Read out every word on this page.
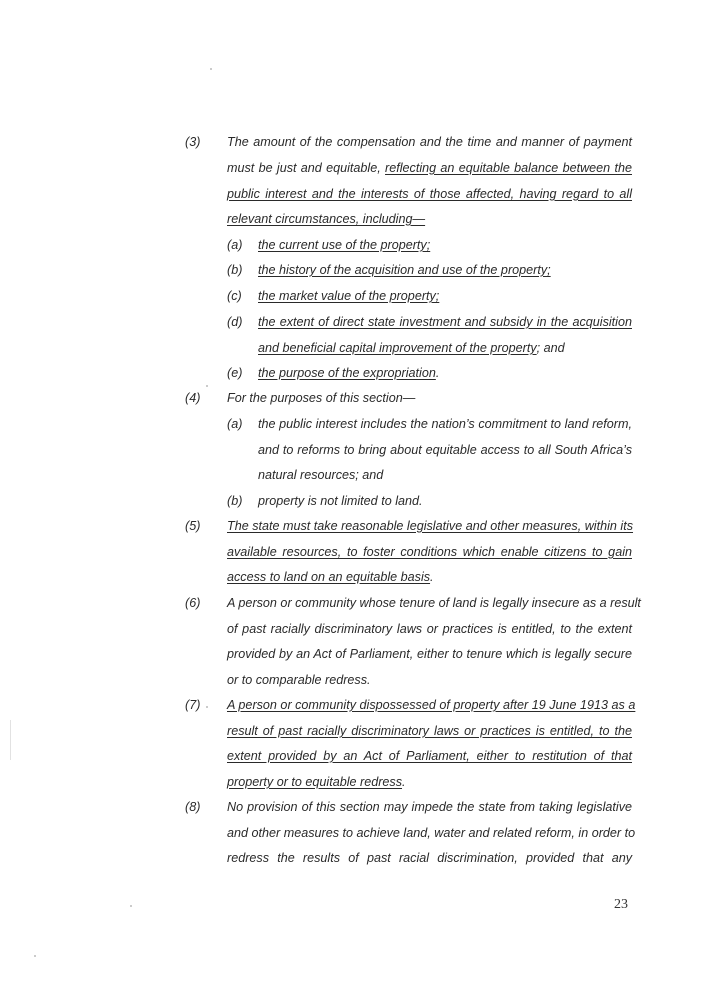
(3) The amount of the compensation and the time and manner of payment

must be just and equitable, reflecting an equitable balance between the

public interest and the interests of those affected, having regard to all

relevant circumstances, including—

(a) the current use of the property;

(b) the history of the acquisition and use of the property;

(c) the market value of the property;

(d) the extent of direct state investment and subsidy in the acquisition

and beneficial capital improvement of the property; and

(e) the purpose of the expropriation.

(4) For the purposes of this section—

(a) the public interest includes the nation’s commitment to land reform,

and to reforms to bring about equitable access to all South Africa’s

natural resources; and

(b) property is not limited to land.

(5) The state must take reasonable legislative and other measures, within its

available resources, to foster conditions which enable citizens to gain

access to land on an equitable basis.

(6) A person or community whose tenure of land is legally insecure as a result

of past racially discriminatory laws or practices is entitled, to the extent

provided by an Act of Parliament, either to tenure which is legally secure

or to comparable redress.

(7) A person or community dispossessed of property after 19 June 1913 as a

result of past racially discriminatory laws or practices is entitled, to the

extent provided by an Act of Parliament, either to restitution of that

property or to equitable redress.

(8) No provision of this section may impede the state from taking legislative

and other measures to achieve land, water and related reform, in order to

redress the results of past racial discrimination, provided that any

23
